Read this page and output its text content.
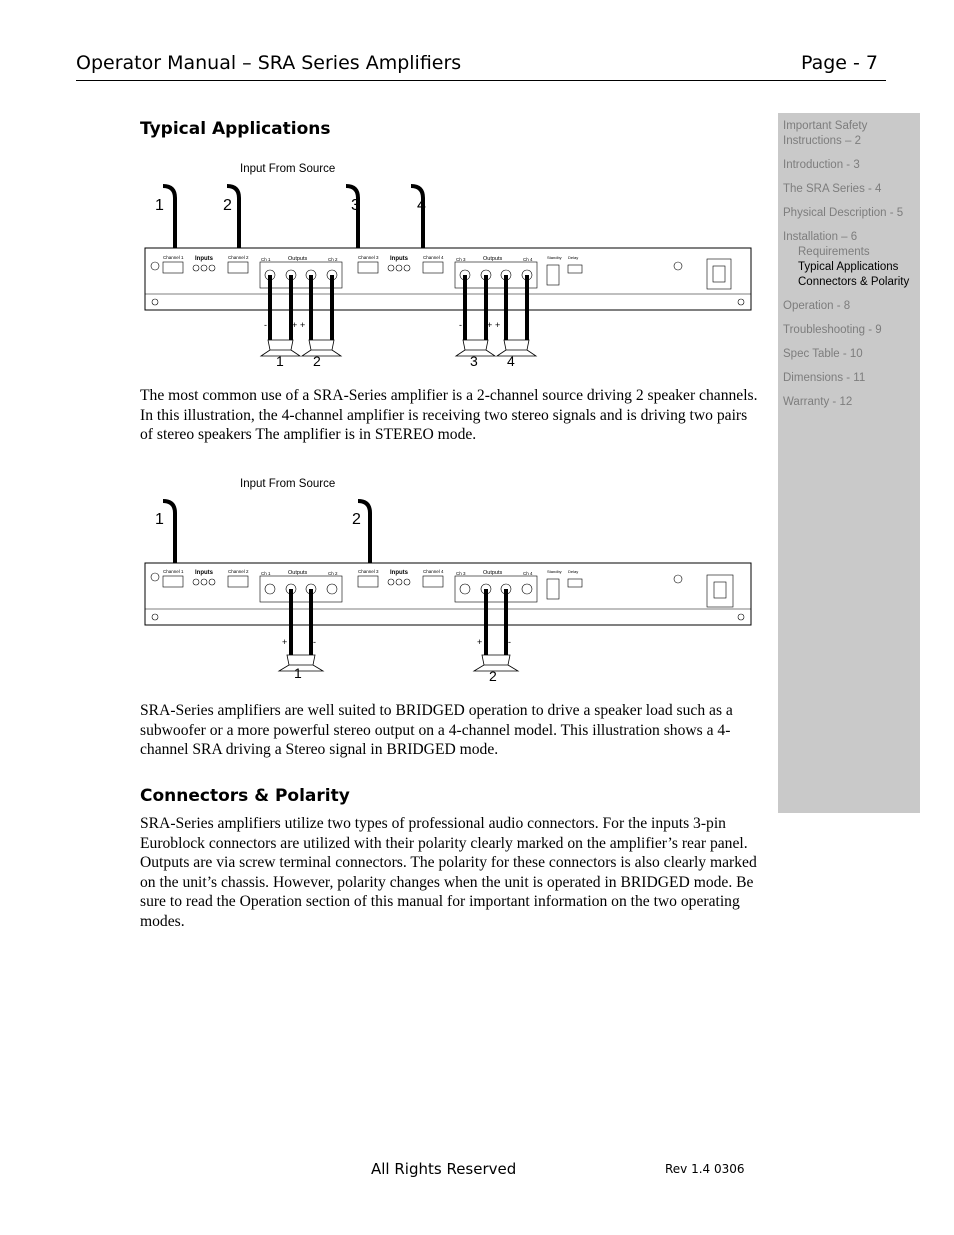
Operator Manual – SRA Series Amplifiers	Page - 7
Important Safety
Instructions – 2
Introduction - 3
The SRA Series - 4
Physical Description - 5
Installation – 6
Requirements
Typical Applications
Connectors & Polarity
Operation - 8
Troubleshooting - 9
Spec Table - 10
Dimensions - 11
Warranty - 12
Typical Applications
Input From Source
1	2	3	4
Channel 1	Channel 2	Channel 3	Channel 4
Inputs	Inputs
Outputs	Outputs
Ch 1	Ch 2	Ch 3	Ch 4	Standby Delay
-	+ +	-	-	+ +	-
1 2	3 4

The most common use of a SRA-Series amplifier is a 2-channel source driving 2 speaker channels. In this illustration, the 4-channel amplifier is receiving two stereo signals and is driving two pairs of stereo speakers The amplifier is in STEREO mode.

Input From Source
1	2
Channel 1	Channel 2	Channel 3	Channel 4
Inputs	Inputs
Outputs	Outputs
Ch 1	Ch 2	Ch 3	Ch 4	Standby Delay
+	-	+	-
1	2

SRA-Series amplifiers are well suited to BRIDGED operation to drive a speaker load such as a subwoofer or a more powerful stereo output on a 4-channel model. This illustration shows a 4-channel SRA driving a Stereo signal in BRIDGED mode.

Connectors & Polarity

SRA-Series amplifiers utilize two types of professional audio connectors. For the inputs 3-pin Euroblock connectors are utilized with their polarity clearly marked on the amplifier’s rear panel. Outputs are via screw terminal connectors. The polarity for these connectors is also clearly marked on the unit’s chassis. However, polarity changes when the unit is operated in BRIDGED mode. Be sure to read the Operation section of this manual for important information on the two operating modes.

All Rights Reserved	Rev 1.4 0306
